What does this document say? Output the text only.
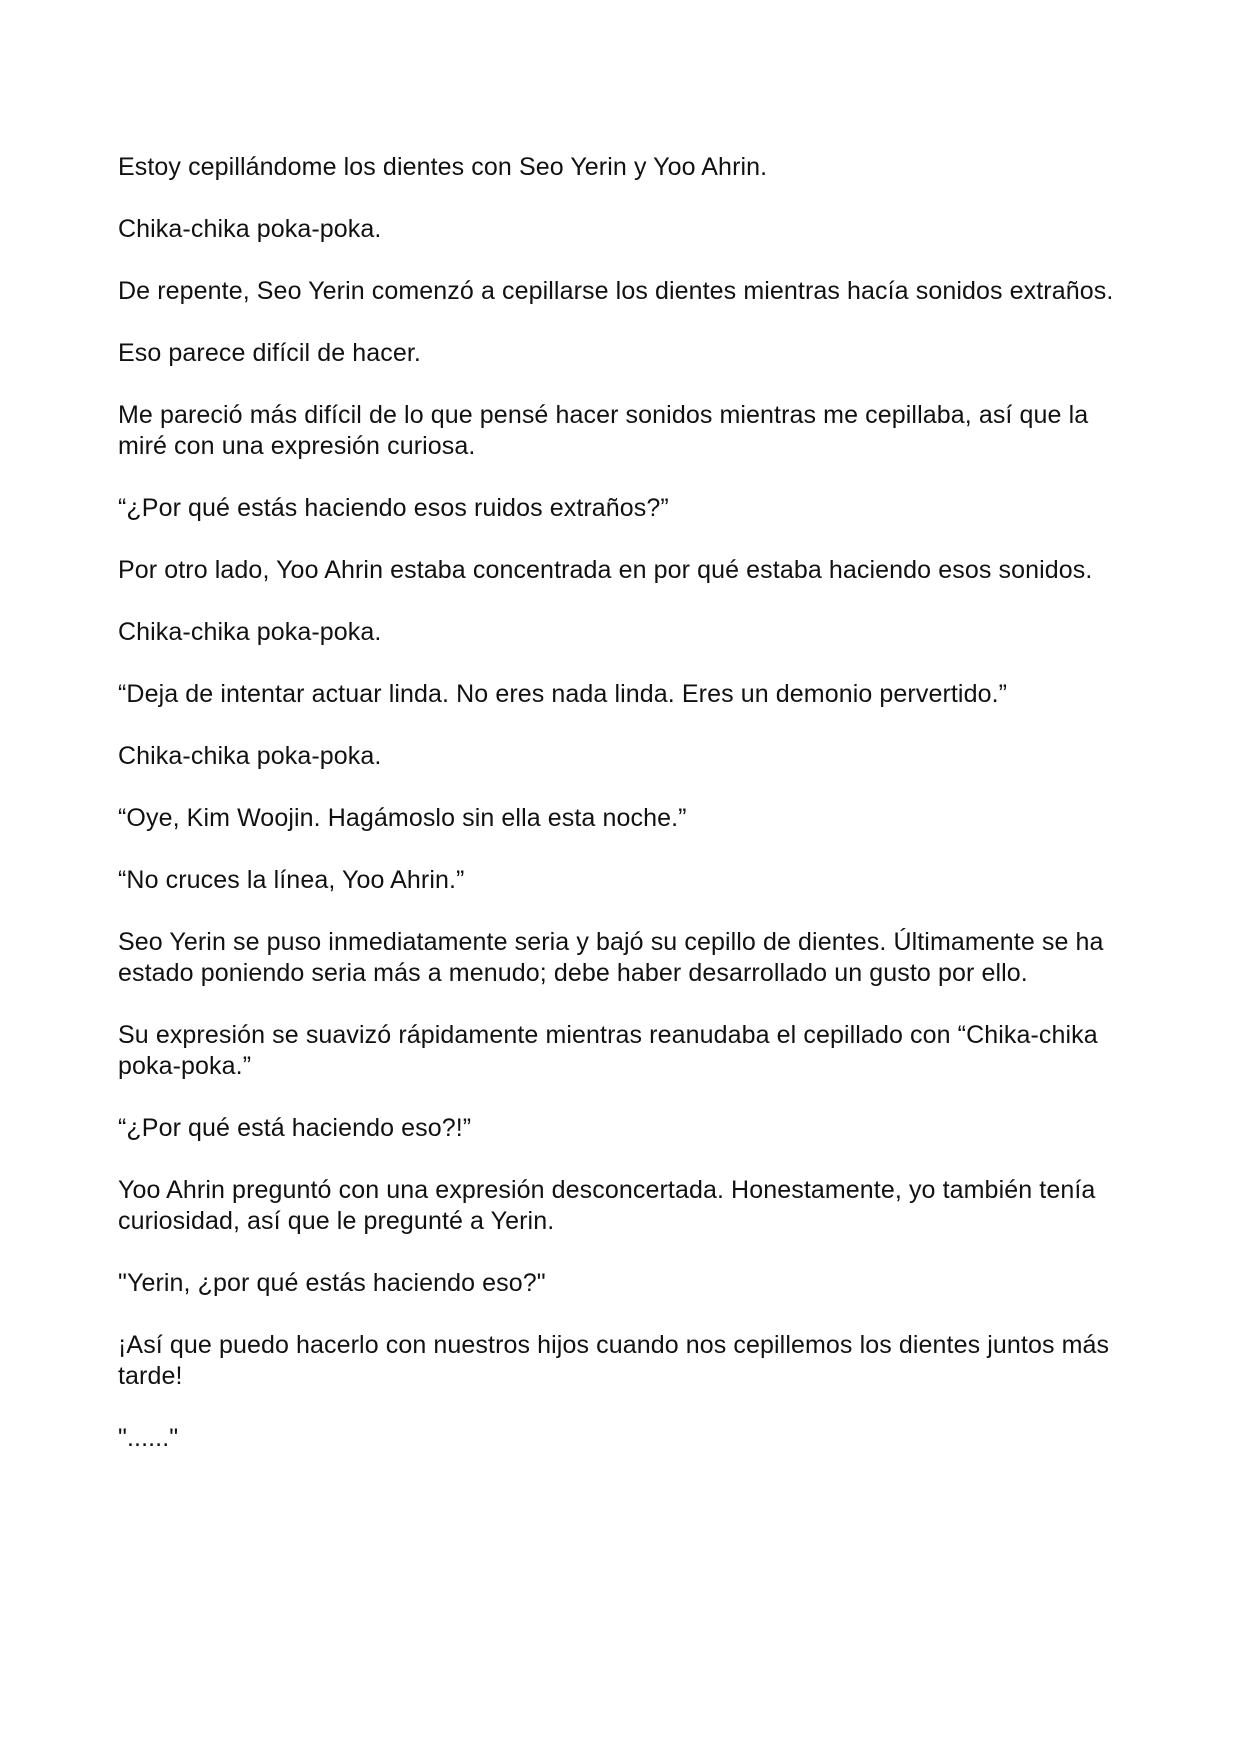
Estoy cepillándome los dientes con Seo Yerin y Yoo Ahrin.

Chika-chika poka-poka.

De repente, Seo Yerin comenzó a cepillarse los dientes mientras hacía sonidos extraños.

Eso parece difícil de hacer.

Me pareció más difícil de lo que pensé hacer sonidos mientras me cepillaba, así que la miré con una expresión curiosa.

“¿Por qué estás haciendo esos ruidos extraños?”

Por otro lado, Yoo Ahrin estaba concentrada en por qué estaba haciendo esos sonidos.

Chika-chika poka-poka.

“Deja de intentar actuar linda. No eres nada linda. Eres un demonio pervertido.”

Chika-chika poka-poka.

“Oye, Kim Woojin. Hagámoslo sin ella esta noche.”

“No cruces la línea, Yoo Ahrin.”

Seo Yerin se puso inmediatamente seria y bajó su cepillo de dientes. Últimamente se ha estado poniendo seria más a menudo; debe haber desarrollado un gusto por ello.

Su expresión se suavizó rápidamente mientras reanudaba el cepillado con “Chika-chika poka-poka.”

“¿Por qué está haciendo eso?!”

Yoo Ahrin preguntó con una expresión desconcertada. Honestamente, yo también tenía curiosidad, así que le pregunté a Yerin.

"Yerin, ¿por qué estás haciendo eso?"

¡Así que puedo hacerlo con nuestros hijos cuando nos cepillemos los dientes juntos más tarde!

"......"
